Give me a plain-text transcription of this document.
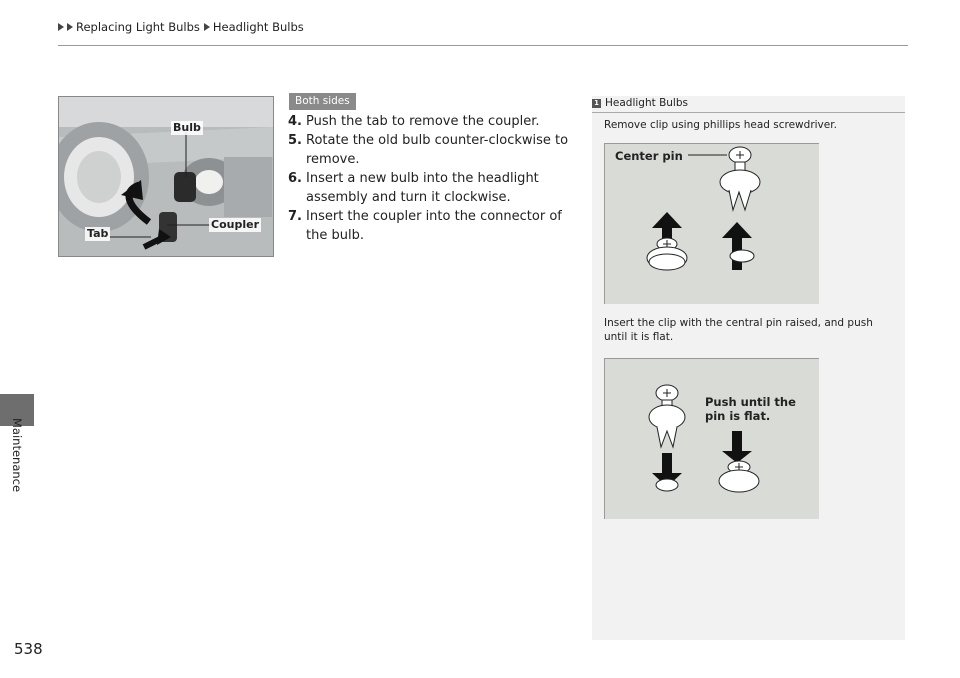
Replacing Light Bulbs Headlight Bulbs
Maintenance
538
Bulb
Coupler
Tab
Both sides
4. Push the tab to remove the coupler.
5. Rotate the old bulb counter-clockwise to remove.
6. Insert a new bulb into the headlight assembly and turn it clockwise.
7. Insert the coupler into the connector of the bulb.
1 Headlight Bulbs
Remove clip using phillips head screwdriver.
Center pin
Insert the clip with the central pin raised, and push until it is flat.
Push until the
pin is flat.
